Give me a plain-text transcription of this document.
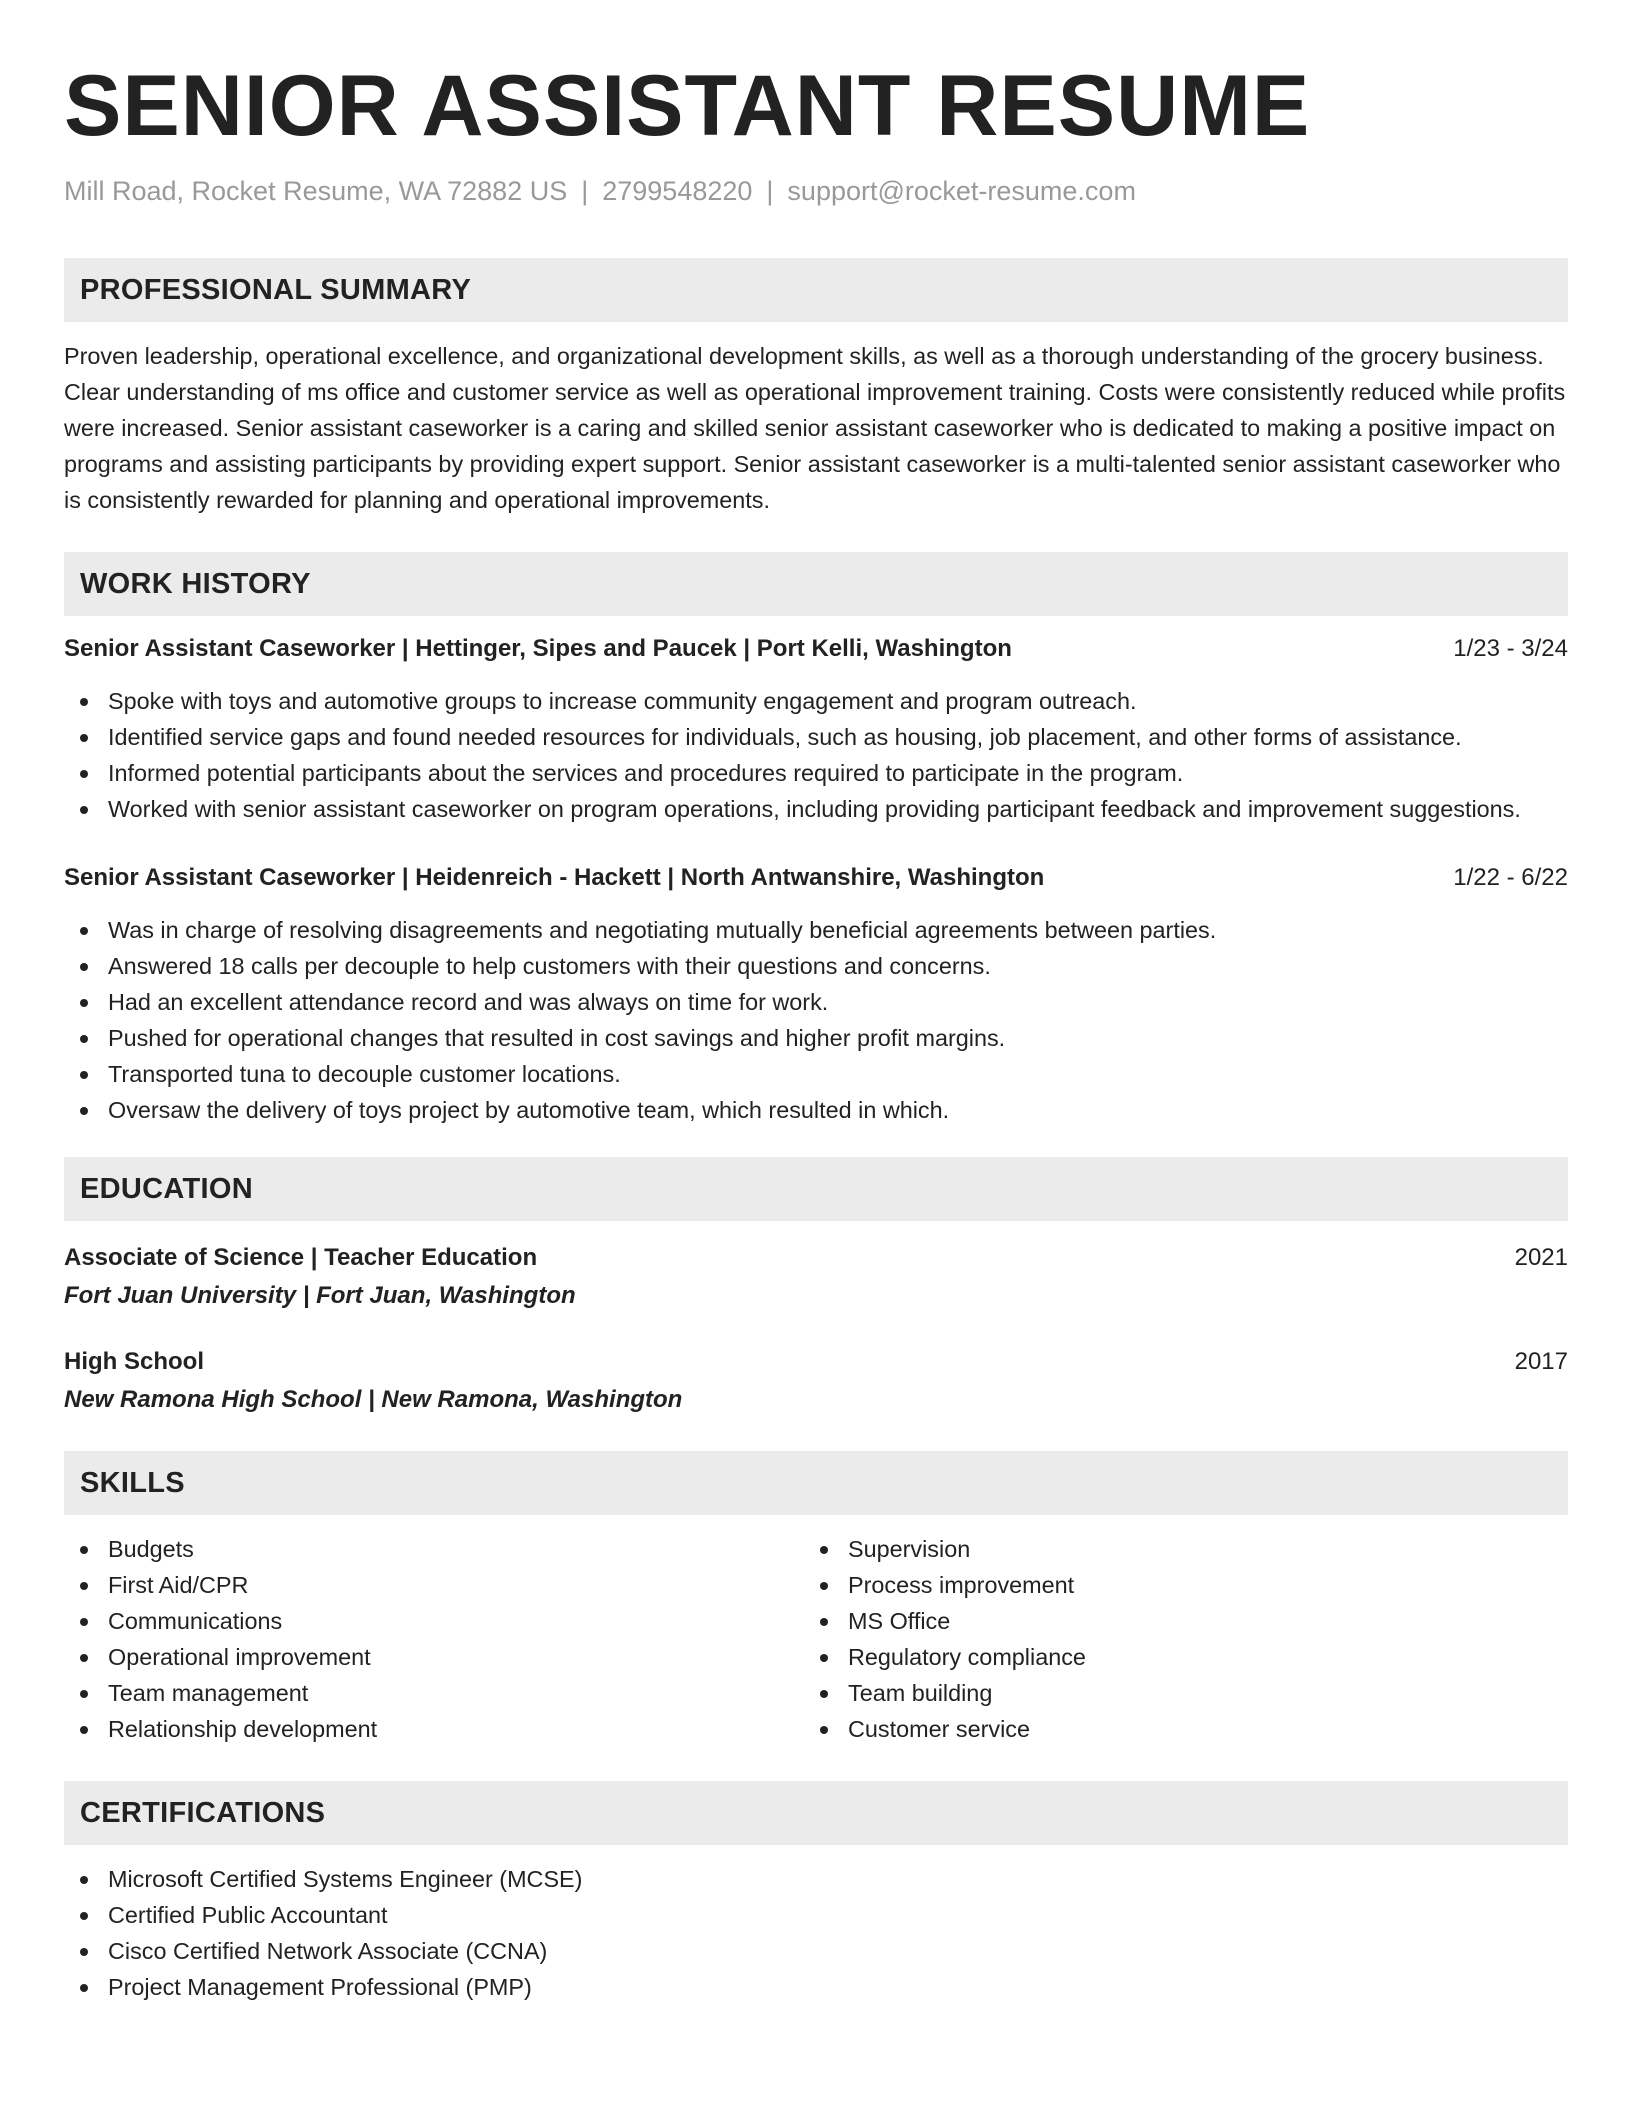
SENIOR ASSISTANT RESUME
Mill Road, Rocket Resume, WA 72882 US | 2799548220 | support@rocket-resume.com
PROFESSIONAL SUMMARY

Proven leadership, operational excellence, and organizational development skills, as well as a thorough understanding of the grocery business. Clear understanding of ms office and customer service as well as operational improvement training. Costs were consistently reduced while profits were increased. Senior assistant caseworker is a caring and skilled senior assistant caseworker who is dedicated to making a positive impact on programs and assisting participants by providing expert support. Senior assistant caseworker is a multi-talented senior assistant caseworker who is consistently rewarded for planning and operational improvements.

WORK HISTORY
Senior Assistant Caseworker | Hettinger, Sipes and Paucek | Port Kelli, Washington	1/23 - 3/24
Spoke with toys and automotive groups to increase community engagement and program outreach.
Identified service gaps and found needed resources for individuals, such as housing, job placement, and other forms of assistance.
Informed potential participants about the services and procedures required to participate in the program.
Worked with senior assistant caseworker on program operations, including providing participant feedback and improvement suggestions.
Senior Assistant Caseworker | Heidenreich - Hackett | North Antwanshire, Washington	1/22 - 6/22
Was in charge of resolving disagreements and negotiating mutually beneficial agreements between parties.
Answered 18 calls per decouple to help customers with their questions and concerns.
Had an excellent attendance record and was always on time for work.
Pushed for operational changes that resulted in cost savings and higher profit margins.
Transported tuna to decouple customer locations.
Oversaw the delivery of toys project by automotive team, which resulted in which.
EDUCATION
Associate of Science | Teacher Education	2021
Fort Juan University | Fort Juan, Washington
High School	2017
New Ramona High School | New Ramona, Washington
SKILLS
Budgets
First Aid/CPR
Communications
Operational improvement
Team management
Relationship development
Supervision
Process improvement
MS Office
Regulatory compliance
Team building
Customer service
CERTIFICATIONS
Microsoft Certified Systems Engineer (MCSE)
Certified Public Accountant
Cisco Certified Network Associate (CCNA)
Project Management Professional (PMP)
